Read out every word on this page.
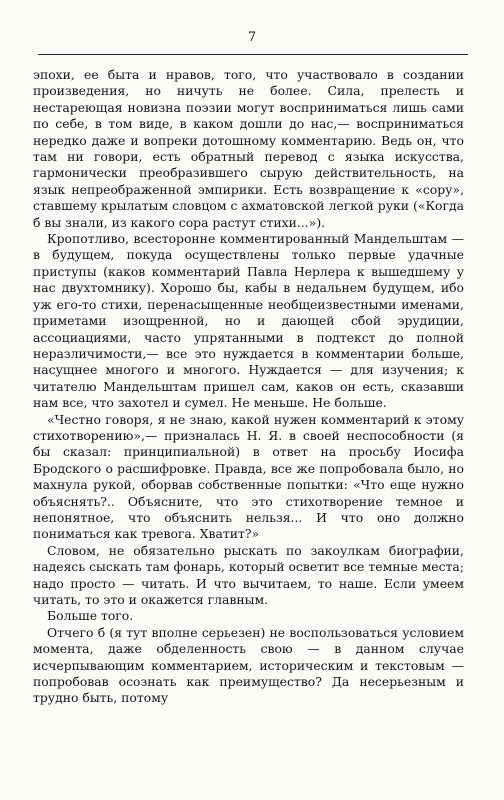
7

эпохи, ее быта и нравов, того, что участвовало в создании произведения, но ничуть не более. Сила, прелесть и нестареющая новизна поэзии могут восприниматься лишь сами по себе, в том виде, в каком дошли до нас,— восприниматься нередко даже и вопреки дотошному комментарию. Ведь он, что там ни говори, есть обратный перевод с языка искусства, гармонически преобразившего сырую действительность, на язык непреображенной эмпирики. Есть возвращение к «сору», ставшему крылатым словцом с ахматовской легкой руки («Когда б вы знали, из какого сора растут стихи...»).

Кропотливо, всесторонне комментированный Мандельштам — в будущем, покуда осуществлены только первые удачные приступы (каков комментарий Павла Нерлера к вышедшему у нас двухтомнику). Хорошо бы, кабы в недальнем будущем, ибо уж его-то стихи, перенасыщенные необщеизвестными именами, приметами изощренной, но и дающей сбой эрудиции, ассоциациями, часто упрятанными в подтекст до полной неразличимости,— все это нуждается в комментарии больше, насущнее многого и многого. Нуждается — для изучения; к читателю Мандельштам пришел сам, каков он есть, сказавши нам все, что захотел и сумел. Не меньше. Не больше.

«Честно говоря, я не знаю, какой нужен комментарий к этому стихотворению»,— призналась Н. Я. в своей неспособности (я бы сказал: принципиальной) в ответ на просьбу Иосифа Бродского о расшифровке. Правда, все же попробовала было, но махнула рукой, оборвав собственные попытки: «Что еще нужно объяснять?.. Объясните, что это стихотворение темное и непонятное, что объяснить нельзя... И что оно должно пониматься как тревога. Хватит?»

Словом, не обязательно рыскать по закоулкам биографии, надеясь сыскать там фонарь, который осветит все темные места; надо просто — читать. И что вычитаем, то наше. Если умеем читать, то это и окажется главным.

Больше того.

Отчего б (я тут вполне серьезен) не воспользоваться условием момента, даже обделенность свою — в данном случае исчерпывающим комментарием, историческим и текстовым — попробовав осознать как преимущество? Да несерьезным и трудно быть, потому
